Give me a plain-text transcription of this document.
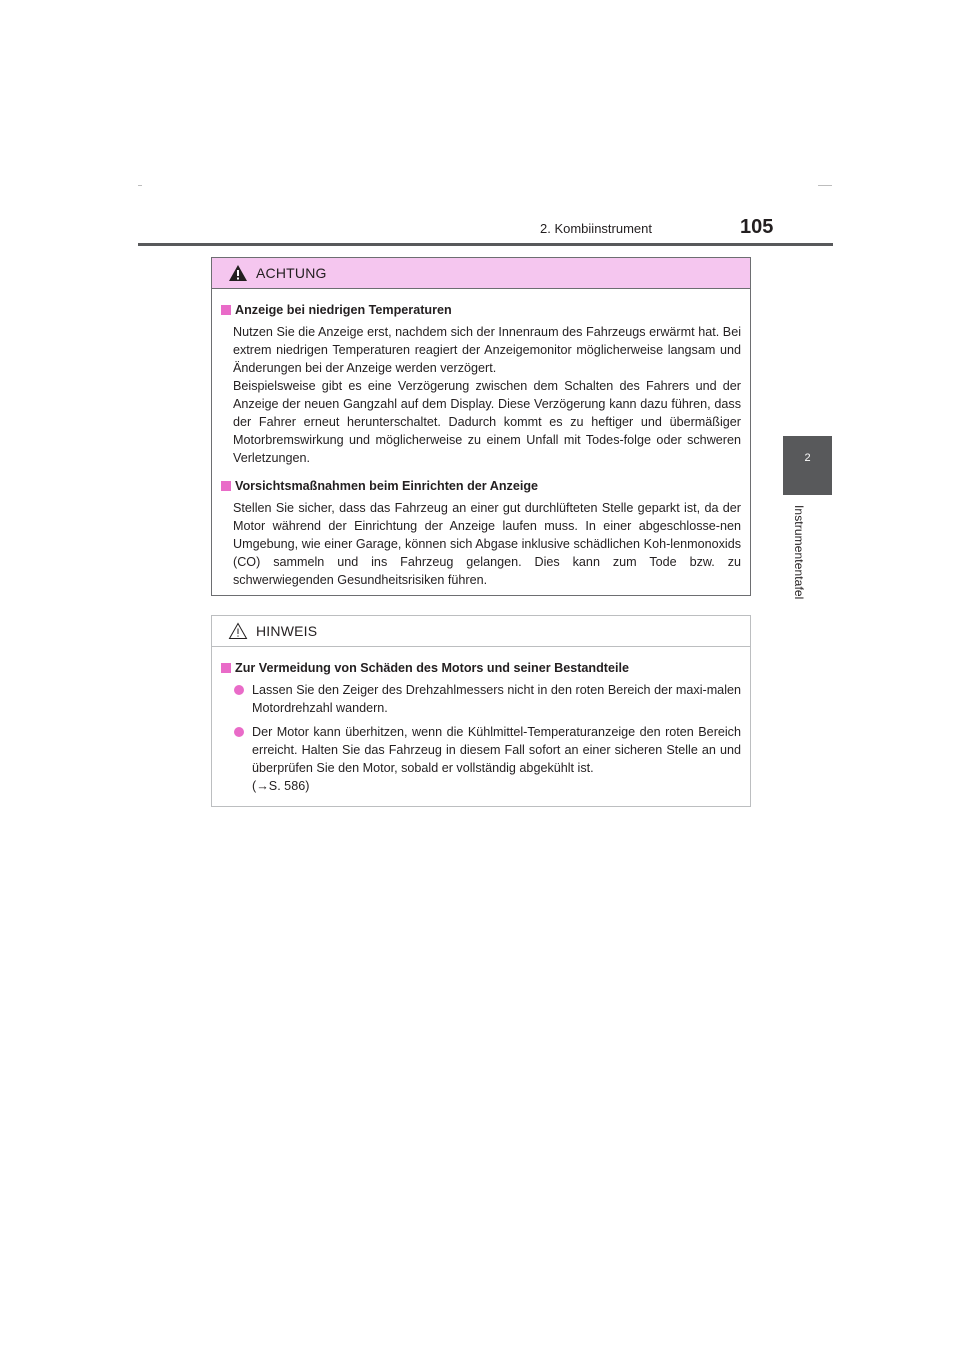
2. Kombiinstrument	105
2
Instrumententafel
ACHTUNG
Anzeige bei niedrigen Temperaturen
Nutzen Sie die Anzeige erst, nachdem sich der Innenraum des Fahrzeugs erwärmt hat. Bei extrem niedrigen Temperaturen reagiert der Anzeigemonitor möglicherweise langsam und Änderungen bei der Anzeige werden verzögert.
Beispielsweise gibt es eine Verzögerung zwischen dem Schalten des Fahrers und der Anzeige der neuen Gangzahl auf dem Display. Diese Verzögerung kann dazu führen, dass der Fahrer erneut herunterschaltet. Dadurch kommt es zu heftiger und übermäßiger Motorbremswirkung und möglicherweise zu einem Unfall mit Todes-folge oder schweren Verletzungen.
Vorsichtsmaßnahmen beim Einrichten der Anzeige
Stellen Sie sicher, dass das Fahrzeug an einer gut durchlüfteten Stelle geparkt ist, da der Motor während der Einrichtung der Anzeige laufen muss. In einer abgeschlosse-nen Umgebung, wie einer Garage, können sich Abgase inklusive schädlichen Koh-lenmonoxids (CO) sammeln und ins Fahrzeug gelangen. Dies kann zum Tode bzw. zu schwerwiegenden Gesundheitsrisiken führen.
HINWEIS
Zur Vermeidung von Schäden des Motors und seiner Bestandteile
Lassen Sie den Zeiger des Drehzahlmessers nicht in den roten Bereich der maxi-malen Motordrehzahl wandern.
Der Motor kann überhitzen, wenn die Kühlmittel-Temperaturanzeige den roten Bereich erreicht. Halten Sie das Fahrzeug in diesem Fall sofort an einer sicheren Stelle an und überprüfen Sie den Motor, sobald er vollständig abgekühlt ist.
(→S. 586)
